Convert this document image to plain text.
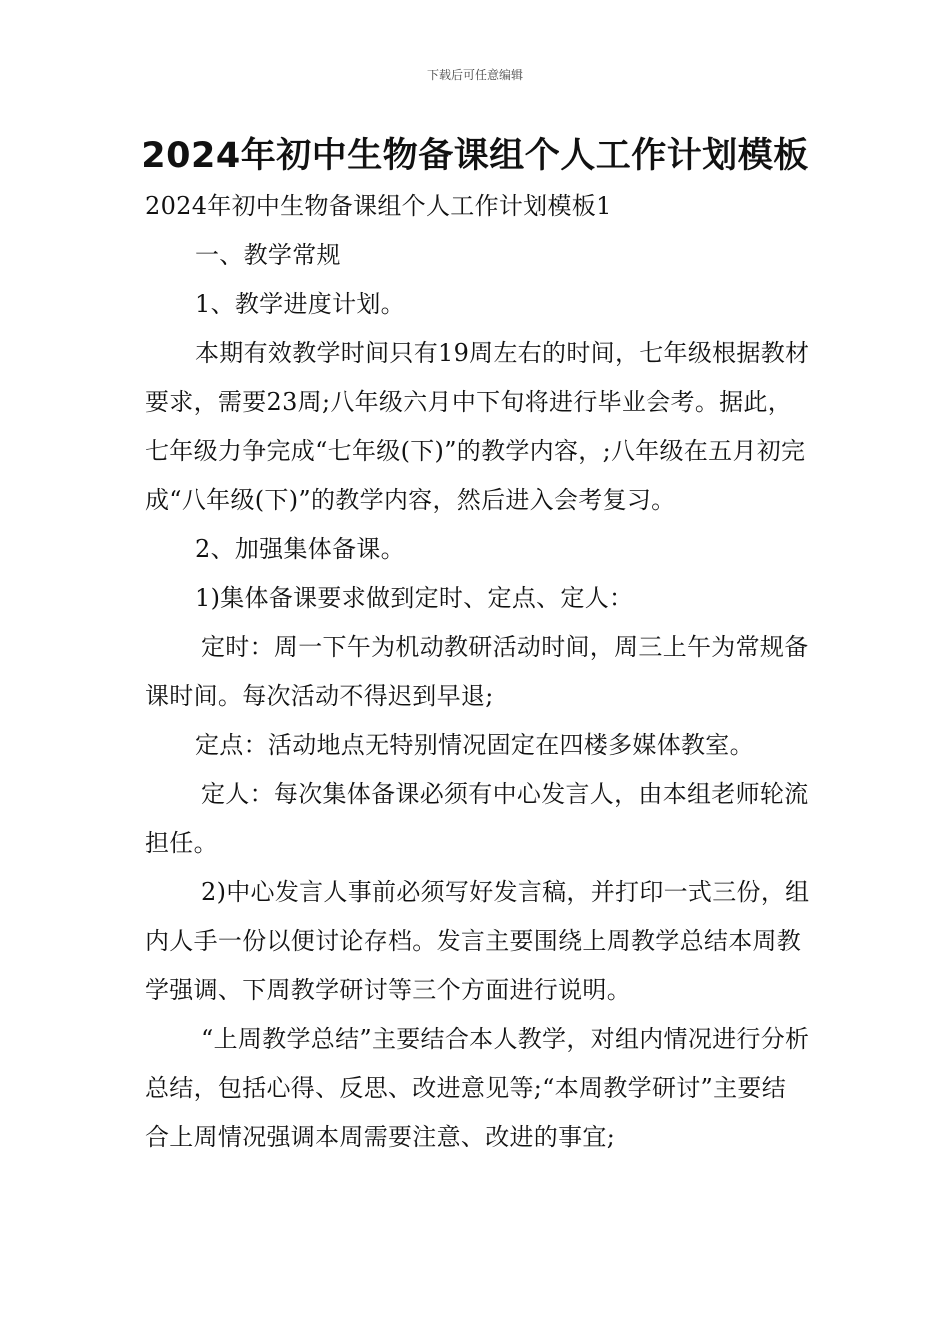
下载后可任意编辑
2024年初中生物备课组个人工作计划模板

2024年初中生物备课组个人工作计划模板1

一、教学常规

1、教学进度计划。

本期有效教学时间只有19周左右的时间，七年级根据教材要求，需要23周;八年级六月中下旬将进行毕业会考。据此，七年级力争完成“七年级(下)”的教学内容，;八年级在五月初完成“八年级(下)”的教学内容，然后进入会考复习。

2、加强集体备课。

1)集体备课要求做到定时、定点、定人：

定时：周一下午为机动教研活动时间，周三上午为常规备课时间。每次活动不得迟到早退;

定点：活动地点无特别情况固定在四楼多媒体教室。

定人：每次集体备课必须有中心发言人，由本组老师轮流担任。

2)中心发言人事前必须写好发言稿，并打印一式三份，组内人手一份以便讨论存档。发言主要围绕上周教学总结本周教学强调、下周教学研讨等三个方面进行说明。

“上周教学总结”主要结合本人教学，对组内情况进行分析总结，包括心得、反思、改进意见等;“本周教学研讨”主要结合上周情况强调本周需要注意、改进的事宜;
